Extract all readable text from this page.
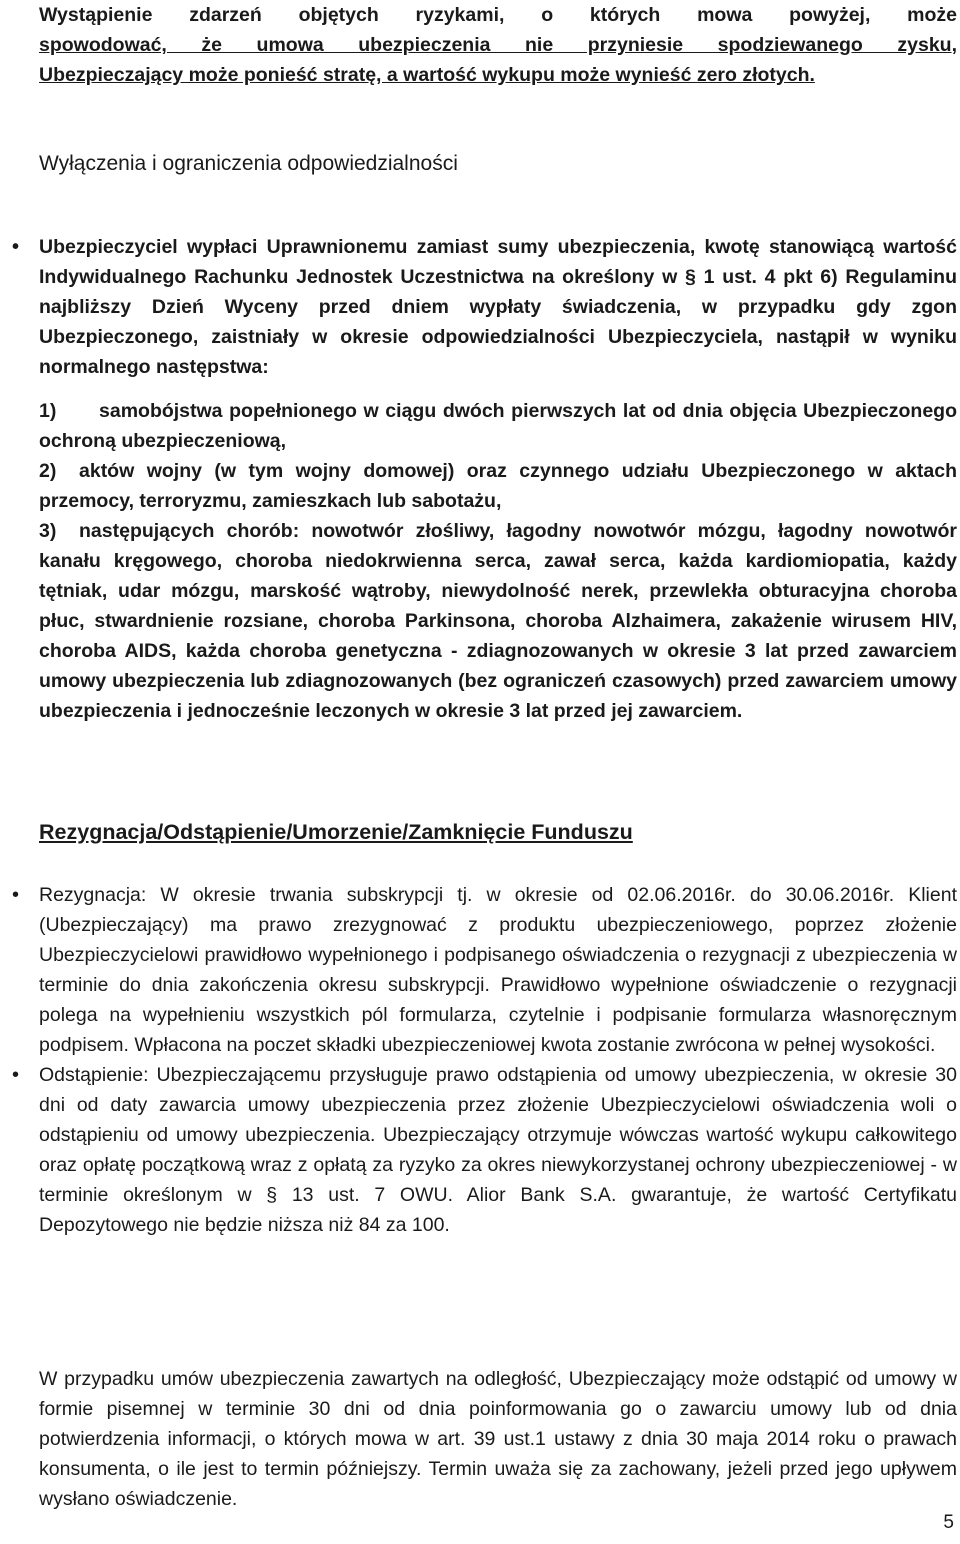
Wystąpienie zdarzeń objętych ryzykami, o których mowa powyżej, może

spowodować, że umowa ubezpieczenia nie przyniesie spodziewanego zysku,

Ubezpieczający może ponieść stratę, a wartość wykupu może wynieść zero złotych.

Wyłączenia i ograniczenia odpowiedzialności
• Ubezpieczyciel wypłaci Uprawnionemu zamiast sumy ubezpieczenia, kwotę stanowiącą wartość Indywidualnego Rachunku Jednostek Uczestnictwa na określony w § 1 ust. 4 pkt 6) Regulaminu najbliższy Dzień Wyceny przed dniem wypłaty świadczenia, w przypadku gdy zgon Ubezpieczonego, zaistniały w okresie odpowiedzialności Ubezpieczyciela, nastąpił w wyniku normalnego następstwa:

1) samobójstwa popełnionego w ciągu dwóch pierwszych lat od dnia objęcia Ubezpieczonego ochroną ubezpieczeniową,

2) aktów wojny (w tym wojny domowej) oraz czynnego udziału Ubezpieczonego w aktach przemocy, terroryzmu, zamieszkach lub sabotażu,

3) następujących chorób: nowotwór złośliwy, łagodny nowotwór mózgu, łagodny nowotwór kanału kręgowego, choroba niedokrwienna serca, zawał serca, każda kardiomiopatia, każdy tętniak, udar mózgu, marskość wątroby, niewydolność nerek, przewlekła obturacyjna choroba płuc, stwardnienie rozsiane, choroba Parkinsona, choroba Alzhaimera, zakażenie wirusem HIV, choroba AIDS, każda choroba genetyczna - zdiagnozowanych w okresie 3 lat przed zawarciem umowy ubezpieczenia lub zdiagnozowanych (bez ograniczeń czasowych) przed zawarciem umowy ubezpieczenia i jednocześnie leczonych w okresie 3 lat przed jej zawarciem.

Rezygnacja/Odstąpienie/Umorzenie/Zamknięcie Funduszu
• Rezygnacja: W okresie trwania subskrypcji tj. w okresie od 02.06.2016r. do 30.06.2016r. Klient (Ubezpieczający) ma prawo zrezygnować z produktu ubezpieczeniowego, poprzez złożenie Ubezpieczycielowi prawidłowo wypełnionego i podpisanego oświadczenia o rezygnacji z ubezpieczenia w terminie do dnia zakończenia okresu subskrypcji. Prawidłowo wypełnione oświadczenie o rezygnacji polega na wypełnieniu wszystkich pól formularza, czytelnie i podpisanie formularza własnoręcznym podpisem. Wpłacona na poczet składki ubezpieczeniowej kwota zostanie zwrócona w pełnej wysokości.

• Odstąpienie: Ubezpieczającemu przysługuje prawo odstąpienia od umowy ubezpieczenia, w okresie 30 dni od daty zawarcia umowy ubezpieczenia przez złożenie Ubezpieczycielowi oświadczenia woli o odstąpieniu od umowy ubezpieczenia. Ubezpieczający otrzymuje wówczas wartość wykupu całkowitego oraz opłatę początkową wraz z opłatą za ryzyko za okres niewykorzystanej ochrony ubezpieczeniowej - w terminie określonym w § 13 ust. 7 OWU. Alior Bank S.A. gwarantuje, że wartość Certyfikatu Depozytowego nie będzie niższa niż 84 za 100.

W przypadku umów ubezpieczenia zawartych na odległość, Ubezpieczający może odstąpić od umowy w formie pisemnej w terminie 30 dni od dnia poinformowania go o zawarciu umowy lub od dnia potwierdzenia informacji, o których mowa w art. 39 ust.1 ustawy z dnia 30 maja 2014 roku o prawach konsumenta, o ile jest to termin późniejszy. Termin uważa się za zachowany, jeżeli przed jego upływem wysłano oświadczenie.

5
